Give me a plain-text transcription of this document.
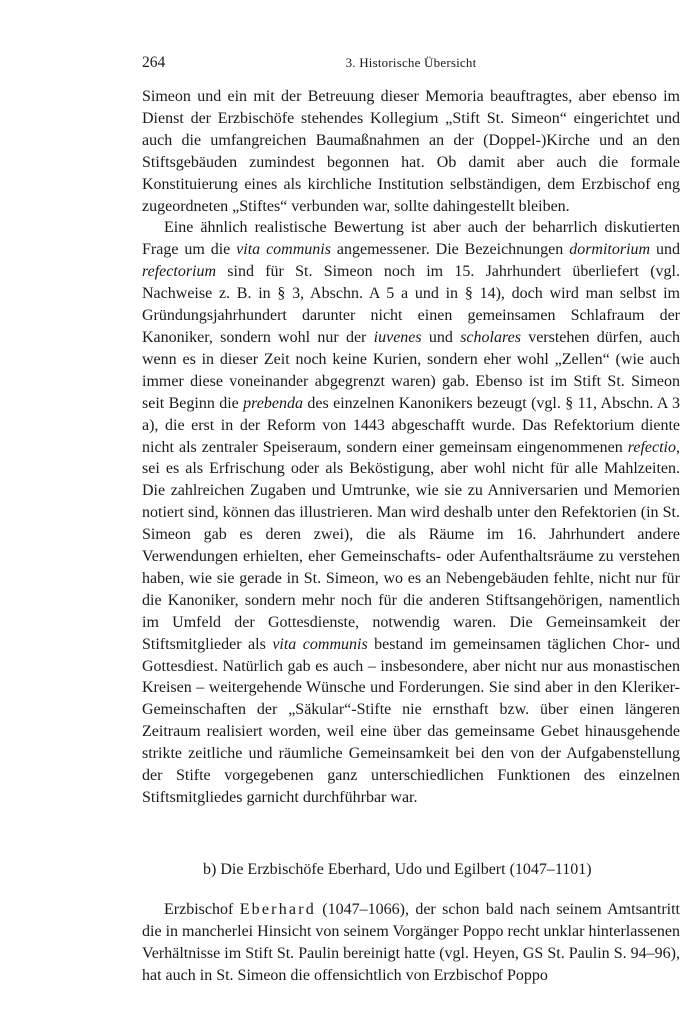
264	3. Historische Übersicht

Simeon und ein mit der Betreuung dieser Memoria beauftragtes, aber ebenso im Dienst der Erzbischöfe stehendes Kollegium „Stift St. Simeon“ eingerichtet und auch die umfangreichen Baumaßnahmen an der (Doppel-)Kirche und an den Stiftsgebäuden zumindest begonnen hat. Ob damit aber auch die formale Konstituierung eines als kirchliche Institution selbständigen, dem Erzbischof eng zugeordneten „Stiftes“ verbunden war, sollte dahingestellt bleiben.

Eine ähnlich realistische Bewertung ist aber auch der beharrlich diskutierten Frage um die vita communis angemessener. Die Bezeichnungen dormitorium und refectorium sind für St. Simeon noch im 15. Jahrhundert überliefert (vgl. Nachweise z. B. in § 3, Abschn. A 5 a und in § 14), doch wird man selbst im Gründungsjahrhundert darunter nicht einen gemeinsamen Schlafraum der Kanoniker, sondern wohl nur der iuvenes und scholares verstehen dürfen, auch wenn es in dieser Zeit noch keine Kurien, sondern eher wohl „Zellen“ (wie auch immer diese voneinander abgegrenzt waren) gab. Ebenso ist im Stift St. Simeon seit Beginn die prebenda des einzelnen Kanonikers bezeugt (vgl. § 11, Abschn. A 3 a), die erst in der Reform von 1443 abgeschafft wurde. Das Refektorium diente nicht als zentraler Speiseraum, sondern einer gemeinsam eingenommenen refectio, sei es als Erfrischung oder als Beköstigung, aber wohl nicht für alle Mahlzeiten. Die zahlreichen Zugaben und Umtrunke, wie sie zu Anniversarien und Memorien notiert sind, können das illustrieren. Man wird deshalb unter den Refektorien (in St. Simeon gab es deren zwei), die als Räume im 16. Jahrhundert andere Verwendungen erhielten, eher Gemeinschafts- oder Aufenthaltsräume zu verstehen haben, wie sie gerade in St. Simeon, wo es an Nebengebäuden fehlte, nicht nur für die Kanoniker, sondern mehr noch für die anderen Stiftsangehörigen, namentlich im Umfeld der Gottesdienste, notwendig waren. Die Gemeinsamkeit der Stiftsmitglieder als vita communis bestand im gemeinsamen täglichen Chor- und Gottesdiest. Natürlich gab es auch – insbesondere, aber nicht nur aus monastischen Kreisen – weitergehende Wünsche und Forderungen. Sie sind aber in den Kleriker-Gemeinschaften der „Säkular“-Stifte nie ernsthaft bzw. über einen längeren Zeitraum realisiert worden, weil eine über das gemeinsame Gebet hinausgehende strikte zeitliche und räumliche Gemeinsamkeit bei den von der Aufgabenstellung der Stifte vorgegebenen ganz unterschiedlichen Funktionen des einzelnen Stiftsmitgliedes garnicht durchführbar war.

b) Die Erzbischöfe Eberhard, Udo und Egilbert (1047–1101)

Erzbischof Eberhard (1047–1066), der schon bald nach seinem Amtsantritt die in mancherlei Hinsicht von seinem Vorgänger Poppo recht unklar hinterlassenen Verhältnisse im Stift St. Paulin bereinigt hatte (vgl. Heyen, GS St. Paulin S. 94–96), hat auch in St. Simeon die offensichtlich von Erzbischof Poppo
